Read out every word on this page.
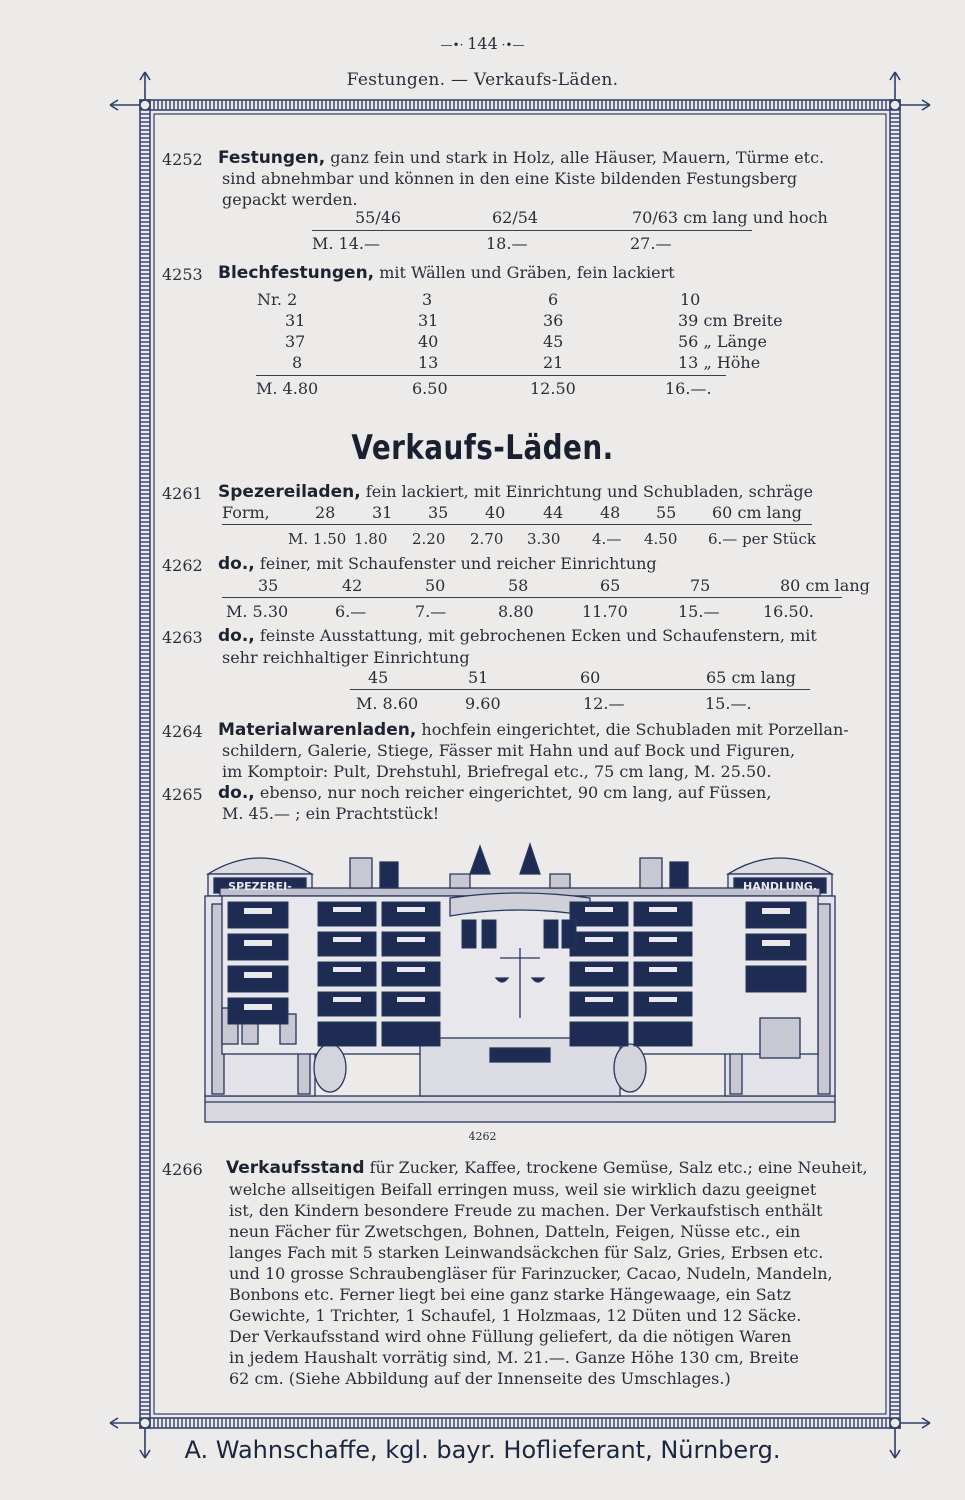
—•· 144 ·•—
Festungen. — Verkaufs-Läden.
4252 Festungen, ganz fein und stark in Holz, alle Häuser, Mauern, Türme etc.
sind abnehmbar und können in den eine Kiste bildenden Festungsberg
gepackt werden.
55/46	62/54	70/63 cm lang und hoch
M. 14.—	18.—	27.—
4253 Blechfestungen, mit Wällen und Gräben, fein lackiert
Nr. 2	3	6	10
31	31	36	39 cm Breite
37	40	45	56 „ Länge
8	13	21	13 „ Höhe
M. 4.80	6.50	12.50	16.—.
Verkaufs-Läden.
4261 Spezereiladen, fein lackiert, mit Einrichtung und Schubladen, schräge
Form,	28 31 35 40 44 48 55 60 cm lang
M. 1.50 1.80 2.20 2.70 3.30 4.— 4.50 6.— per Stück
4262 do., feiner, mit Schaufenster und reicher Einrichtung
35	42	50	58	65	75	80 cm lang
M. 5.30	6.—	7.—	8.80	11.70	15.—	16.50.
4263 do., feinste Ausstattung, mit gebrochenen Ecken und Schaufenstern, mit
sehr reichhaltiger Einrichtung
45	51	60	65 cm lang
M. 8.60	9.60	12.—	15.—.
4264 Materialwarenladen, hochfein eingerichtet, die Schubladen mit Porzellan-
schildern, Galerie, Stiege, Fässer mit Hahn und auf Bock und Figuren,
im Komptoir: Pult, Drehstuhl, Briefregal etc., 75 cm lang, M. 25.50.
4265 do., ebenso, nur noch reicher eingerichtet, 90 cm lang, auf Füssen,
M. 45.— ; ein Prachtstück!
SPEZEREI-	HANDLUNG.
4262
4266 Verkaufsstand für Zucker, Kaffee, trockene Gemüse, Salz etc.; eine Neuheit,
welche allseitigen Beifall erringen muss, weil sie wirklich dazu geeignet
ist, den Kindern besondere Freude zu machen. Der Verkaufstisch enthält
neun Fächer für Zwetschgen, Bohnen, Datteln, Feigen, Nüsse etc., ein
langes Fach mit 5 starken Leinwandsäckchen für Salz, Gries, Erbsen etc.
und 10 grosse Schraubengläser für Farinzucker, Cacao, Nudeln, Mandeln,
Bonbons etc. Ferner liegt bei eine ganz starke Hängewaage, ein Satz
Gewichte, 1 Trichter, 1 Schaufel, 1 Holzmaas, 12 Düten und 12 Säcke.
Der Verkaufsstand wird ohne Füllung geliefert, da die nötigen Waren
in jedem Haushalt vorrätig sind, M. 21.—. Ganze Höhe 130 cm, Breite
62 cm. (Siehe Abbildung auf der Innenseite des Umschlages.)
A. Wahnschaffe, kgl. bayr. Hoflieferant, Nürnberg.
